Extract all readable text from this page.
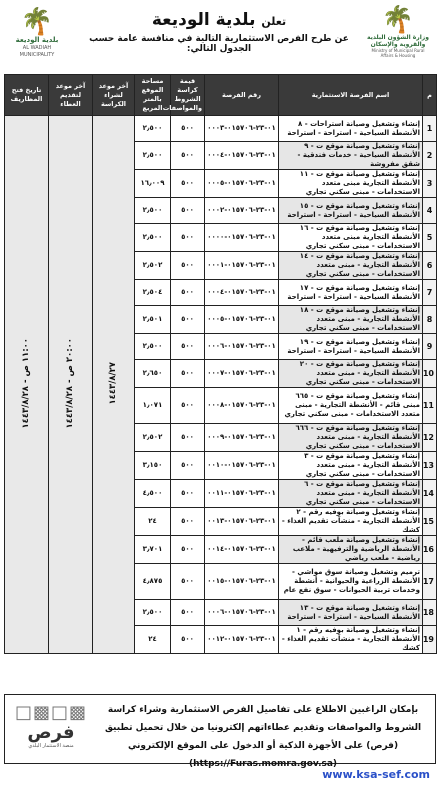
🌴
بلدية الوديعة
AL WADIAH MUNICIPALITY
تعلن بلدية الوديعة
عن طرح الفرص الاستثمارية التالية في منافسة عامة حسب الجدول التالي:
🌴
وزارة الشؤون البلدية والقروية والإسكان
Ministry of Municipal Rural Affairs & Housing
م	اسم الفرصة الاستثمارية	رقم الفرصة	قيمة كراسة الشروط والمواصفات	مساحة الموقع بالمتر المربع	آخر موعد لشراء الكراسة	آخر موعد لتقديم العطاء	تاريخ فتح المظاريف
1	إنشاء وتشغيل وصيانة استراحات - ٨ الأنشطة السياحية - استراحة - استراحة	٠١-٢٣-٠١٥٧٠٦-٠٠٠٣	٥٠٠	٢٫٥٠٠	١٤٤٣/٨/٢٧	٢٠:٠٠ ص - ١٤٤٣/٨/٢٨	١١:٠٠ ص - ١٤٤٣/٨/٢٨
2	إنشاء وتشغيل وصيانة موقع ت - ٩ الأنشطة السياحية - خدمات فندقية - شقق مفروشة	٠١-٢٣-٠١٥٧٠٦-٠٠٠٤	٥٠٠	٢٫٥٠٠			
3	إنشاء وتشغيل وصيانة موقع ت - ١١ الأنشطة التجارية مبنى متعدد الاستخدامات - مبنى سكني تجاري	٠١-٢٣-٠١٥٧٠٦-٠٠٠٥	٥٠٠	١٦٫٠٠٩			
4	إنشاء وتشغيل وصيانة موقع ت - ١٥ الأنشطة السياحية - استراحة - استراحة	٠١-٢٣-٠١٥٧٠٦-٠٠٠٢	٥٠٠	٢٫٥٠٠			
5	إنشاء وتشغيل وصيانة موقع ت - ١٦ الأنشطة التجارية مبنى متعدد الاستخدامات - مبنى سكني تجاري	٠١-٢٣-٠١٥٧٠٦-٠٠٠٠	٥٠٠	٢٫٥٠٠			
6	إنشاء وتشغيل وصيانة موقع ت - ١٤ الأنشطة التجارية - مبنى متعدد الاستخدامات - مبنى سكني تجاري	٠١-٢٣-٠١٥٧٠٦-٠٠٠١	٥٠٠	٢٫٥٠٢			
7	إنشاء وتشغيل وصيانة موقع ت - ١٧ الأنشطة السياحية - استراحة - استراحة	٠١-٢٣-٠١٥٧٠٦-٠٠٠٤	٥٠٠	٢٫٥٠٤			
8	إنشاء وتشغيل وصيانة موقع ت - ١٨ الأنشطة التجارية - مبنى متعدد الاستخدامات - مبنى سكني تجاري	٠١-٢٣-٠١٥٧٠٦-٠٠٠٥	٥٠٠	٢٫٥٠١			
9	إنشاء وتشغيل وصيانة موقع ت - ١٩ الأنشطة السياحية - استراحة - استراحة	٠١-٢٣-٠١٥٧٠٦-٠٠٠٦	٥٠٠	٢٫٥٠٠			
10	إنشاء وتشغيل وصيانة موقع ت - ٢٠ الأنشطة التجارية - مبنى متعدد الاستخدامات - مبنى سكني تجاري	٠١-٢٣-٠١٥٧٠٦-٠٠٠٧	٥٠٠	٢٫٦٥٠			
11	إنشاء وتشغيل وصيانة موقع ت - ٦٦٥ مبنى قائم - الأنشطة التجارية - مبنى متعدد الاستخدامات - مبنى سكني تجاري	٠١-٢٣-٠١٥٧٠٦-٠٠٠٨	٥٠٠	١٫٠٧١			
12	إنشاء وتشغيل وصيانة موقع ت - ٦٦٦ الأنشطة التجارية - مبنى متعدد الاستخدامات - مبنى سكني تجاري	٠١-٢٣-٠١٥٧٠٦-٠٠٠٩	٥٠٠	٢٫٥٠٢			
13	إنشاء وتشغيل وصيانة موقع ت - ٣ الأنشطة التجارية - مبنى متعدد الاستخدامات - مبنى سكني تجاري	٠١-٢٣-٠١٥٧٠٦-٠٠١٠	٥٠٠	٣٫١٥٠			
14	إنشاء وتشغيل وصيانة موقع ت - ٦ الأنشطة التجارية - مبنى متعدد الاستخدامات - مبنى سكني تجاري	٠١-٢٣-٠١٥٧٠٦-٠٠١١	٥٠٠	٤٫٥٠٠			
15	إنشاء وتشغيل وصيانة بوفيه رقم - ٢ الأنشطة التجارية - منشآت تقديم الغذاء - كشك	٠١-٢٣-٠١٥٧٠٦-٠٠١٣	٥٠٠	٢٤			
16	إنشاء وتشغيل وصيانة ملعب قائم - الأنشطة الرياضية والترفيهية - ملاعب رياضية - ملعب رياضي	٠١-٢٣-٠١٥٧٠٦-٠٠١٤	٥٠٠	٣٫٧٠١			
17	ترميم وتشغيل وصيانة سوق مواشي - الأنشطة الزراعية والحيوانية - أنشطة وخدمات تربية الحيوانات - سوق نفع عام	٠١-٢٣-٠١٥٧٠٦-٠٠١٥	٥٠٠	٤٫٨٧٥			
18	إنشاء وتشغيل وصيانة موقع ت - ١٣ الأنشطة السياحية - استراحة - استراحة	٠١-٢٣-٠١٥٧٠٦-٠٠٠٦	٥٠٠	٢٫٥٠٠			
19	إنشاء وتشغيل وصيانة بوفيه رقم - ١ الأنشطة التجارية - منشآت تقديم الغذاء - كشك	٠١-٢٣-٠١٥٧٠٦-٠٠١٢	٥٠٠	٢٤			
بإمكان الراغبين الاطلاع على تفاصيل الفرص الاستثمارية وشراء كراسة الشروط والمواصفات وتقديم عطاءاتهم إلكترونيا من خلال تحميل تطبيق (فرص) على الأجهزة الذكية أو الدخول على الموقع الإلكتروني (https://Furas.momra.gov.sa)
□▩□▩
فرص
منصة الاستثمار البلدي
www.ksa-sef.com
